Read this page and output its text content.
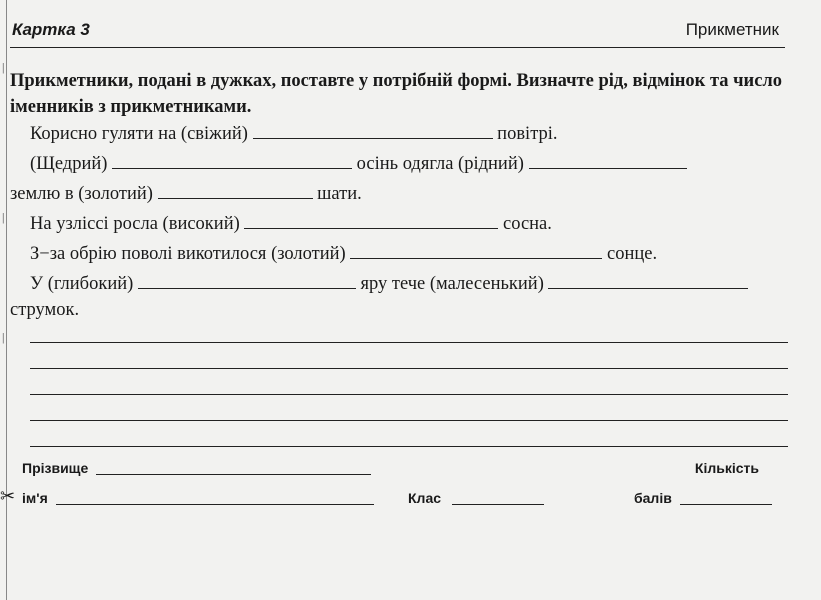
|
|
|
Картка 3	Прикметник
Прикметники, подані в дужках, поставте у потрібній формі. Визначте рід, відмінок та число іменників з прикметниками.
Корисно гуляти на (свіжий)	повітрі.
(Щедрий)	осінь одягла (рідний)
землю в (золотий)	шати.
На узліссі росла (високий)	сосна.
З−за обрію поволі викотилося (золотий)	сонце.
У (глибокий)	яру тече (малесенький)
струмок.
Прізвище	Кількість
✂ ім'я	Клас	балів
